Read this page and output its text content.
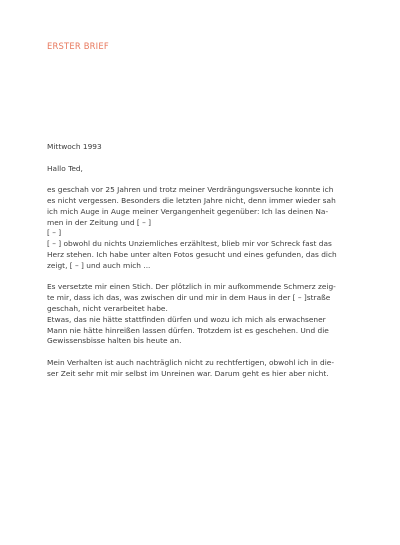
ERSTER BRIEF
Mittwoch 1993
Hallo Ted,
es geschah vor 25 Jahren und trotz meiner Verdrängungsversuche konnte ich
es nicht vergessen. Besonders die letzten Jahre nicht, denn immer wieder sah
ich mich Auge in Auge meiner Vergangenheit gegenüber: Ich las deinen Na-
men in der Zeitung und [ – ]
[ – ]
[ – ] obwohl du nichts Unziemliches erzähltest, blieb mir vor Schreck fast das
Herz stehen. Ich habe unter alten Fotos gesucht und eines gefunden, das dich
zeigt, [ – ] und auch mich ...
Es versetzte mir einen Stich. Der plötzlich in mir aufkommende Schmerz zeig-
te mir, dass ich das, was zwischen dir und mir in dem Haus in der [ – ]straße
geschah, nicht verarbeitet habe.
Etwas, das nie hätte stattfinden dürfen und wozu ich mich als erwachsener
Mann nie hätte hinreißen lassen dürfen. Trotzdem ist es geschehen. Und die
Gewissensbisse halten bis heute an.
Mein Verhalten ist auch nachträglich nicht zu rechtfertigen, obwohl ich in die-
ser Zeit sehr mit mir selbst im Unreinen war. Darum geht es hier aber nicht.
